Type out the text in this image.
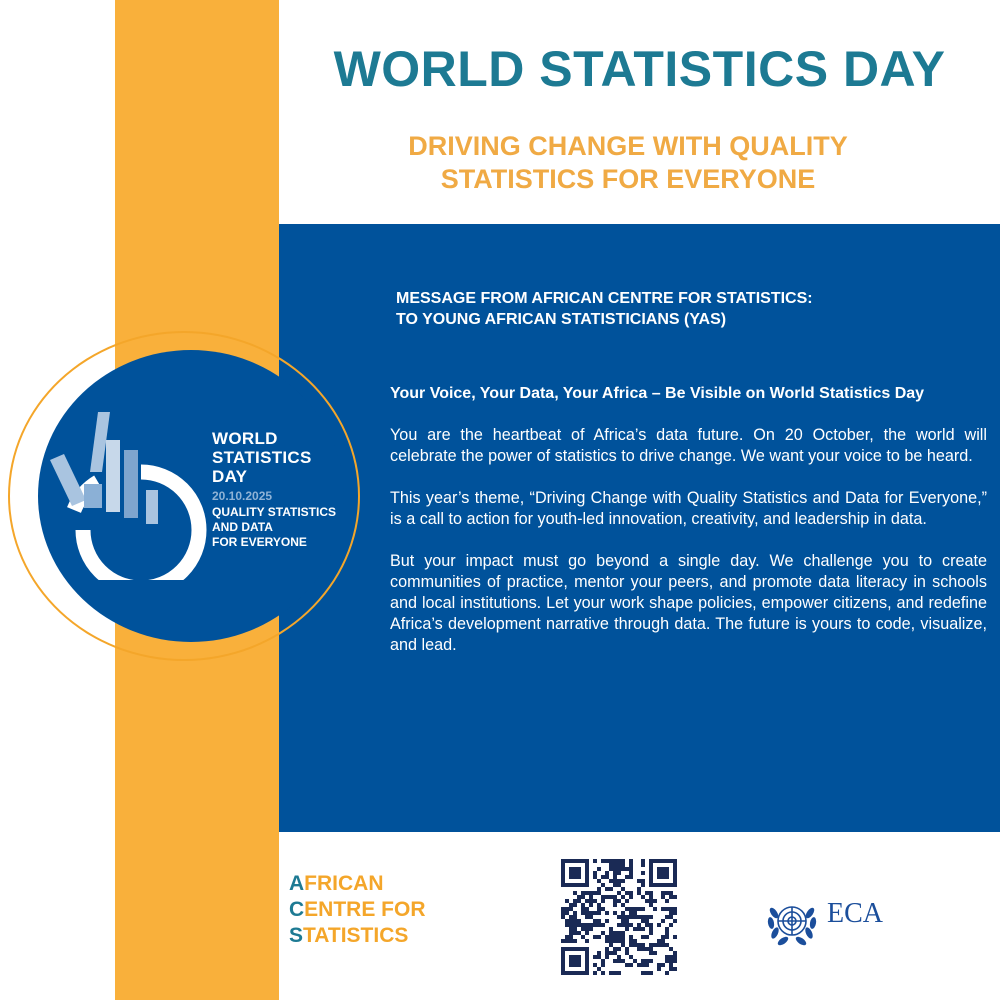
WORLD STATISTICS DAY
DRIVING CHANGE WITH QUALITY
STATISTICS FOR EVERYONE
MESSAGE FROM AFRICAN CENTRE FOR STATISTICS:
TO YOUNG AFRICAN STATISTICIANS (YAS)

Your Voice, Your Data, Your Africa – Be Visible on World Statistics Day

You are the heartbeat of Africa’s data future. On 20 October, the world will celebrate the power of statistics to drive change. We want your voice to be heard.

This year’s theme, “Driving Change with Quality Statistics and Data for Everyone,” is a call to action for youth-led innovation, creativity, and leadership in data.

But your impact must go beyond a single day. We challenge you to create communities of practice, mentor your peers, and promote data literacy in schools and local institutions. Let your work shape policies, empower citizens, and redefine Africa’s development narrative through data. The future is yours to code, visualize, and lead.

WORLD
STATISTICS
DAY
20.10.2025
QUALITY STATISTICS
AND DATA
FOR EVERYONE
AFRICAN
CENTRE FOR
STATISTICS
ECA
